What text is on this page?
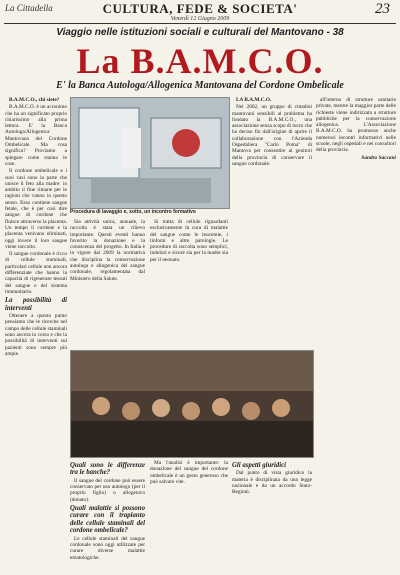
La Cittadella	CULTURA, FEDE & SOCIETA'	23
Venerdì 12 Giugno 2009
Viaggio nelle istituzioni sociali e culturali del Mantovano - 38
La B.A.M.C.O.
E' la Banca Autologa/Allogenica Mantovana del Cordone Ombelicale

B.A.M.C.O., chi siete?

B.A.M.C.O. è un acronimo che ha un significato proprio chiarissimo alla prima lettura. E' la Banca Autologa/Allogenica Mantovana del Cordone Ombelicale. Ma cosa significa? Proviamo a spiegare come stanno le cose.

Il cordone ombelicale e i suoi vasi sono la parte che unisce il feto alla madre: in ambito il fine rimane per le ragioni che vanno in questo senso. Esso contiene sangue fetale, che è per così dire sangue di cordone che fluisce attraverso la placenta. Un tempo il cordone e la placenta venivano eliminati, oggi invece il loro sangue viene raccolto.

Il sangue cordonale è ricco di cellule staminali, particolari cellule non ancora differenziate che hanno la capacità di rigenerare tessuti del sangue e del sistema immunitario.

La possibilità di interventi

Ottenere a questo punto pensiamo che le ricerche nel campo delle cellule staminali sono ancora in corso e che la possibilità di interventi sui pazienti sono sempre più ampie.

Procedura di lavaggio e, sotto, un incontro formativo

Sia attività unica, annuale, la raccolta è stata un rilievo importante. Questi eventi hanno favorito la donazione e la conoscenza del progetto. In Italia è in vigore dal 2009 la normativa che disciplina la conservazione autologa e allogenica del sangue cordonale, regolamentata dal Ministero della Salute.

Si tratta di cellule riguardanti esclusivamente la cura di malattie del sangue come le leucemie, i linfomi e altre patologie. Le procedure di raccolta sono semplici, indolori e sicure sia per la madre sia per il neonato.

LA B.A.M.C.O.

Nel 2002, un gruppo di cittadini mantovani sensibili al problema ha fondato la B.A.M.C.O., una associazione senza scopo di lucro che ha deciso fin dall'origine di aprire il collaborazione con l'Azienda Ospedaliera "Carlo Poma" di Mantova per consentire ai genitori della provincia di conservare il sangue cordonale.

all'interno di strutture sanitarie private, mentre la maggior parte delle richieste viene indirizzata a strutture pubbliche per la conservazione allogenica. L'Associazione B.A.M.C.O. ha promosso anche numerosi incontri informativi nelle scuole, negli ospedali e nei consultori della provincia.

Sandro Saccani

Quali sono le differenze tra le banche?

Il sangue del cordone può essere conservato per uso autologo (per il proprio figlio) o allogenico (donato).

Quali malattie si possono curare con il trapianto delle cellule staminali del cordone ombelicale?

Le cellule staminali del sangue cordonale sono oggi utilizzate per curare diverse malattie ematologiche.

Ma l'analisi è importante: la donazione del sangue del cordone ombelicale è un gesto generoso che può salvare vite.

Gli aspetti giuridici

Dal punto di vista giuridico la materia è disciplinata da una legge nazionale e da un accordo Stato-Regioni.
